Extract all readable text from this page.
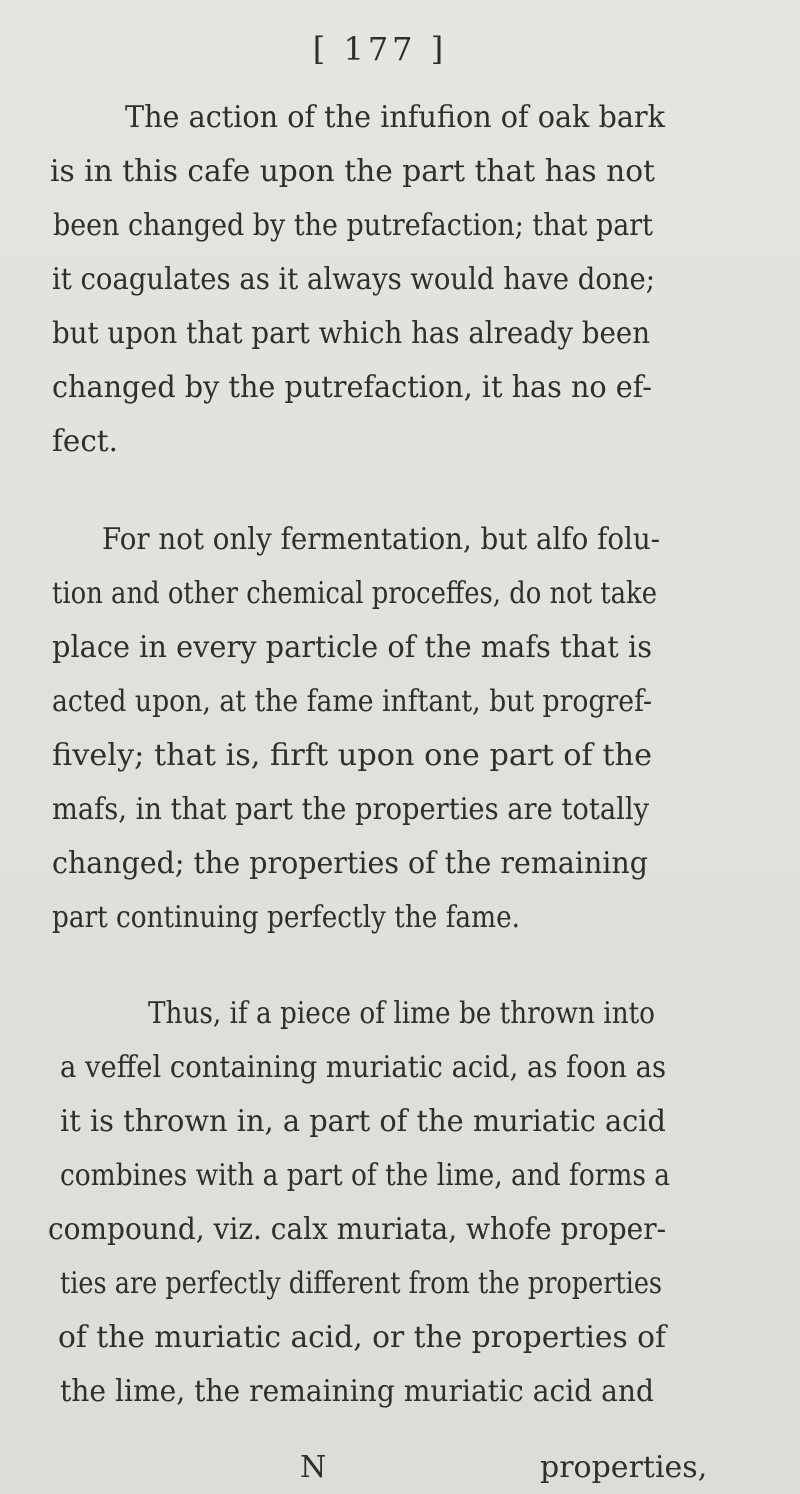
[ 177 ]
The action of the infufion of oak bark
is in this cafe upon the part that has not
been changed by the putrefaction; that part
it coagulates as it always would have done;
but upon that part which has already been
changed by the putrefaction, it has no ef-
fect.
For not only fermentation, but alfo folu-
tion and other chemical proceffes, do not take
place in every particle of the mafs that is
acted upon, at the fame inftant, but progref-
fively; that is, firft upon one part of the
mafs, in that part the properties are totally
changed; the properties of the remaining
part continuing perfectly the fame.
Thus, if a piece of lime be thrown into
a veffel containing muriatic acid, as foon as
it is thrown in, a part of the muriatic acid
combines with a part of the lime, and forms a
compound, viz. calx muriata, whofe proper-
ties are perfectly different from the properties
of the muriatic acid, or the properties of
the lime, the remaining muriatic acid and
N	properties,
